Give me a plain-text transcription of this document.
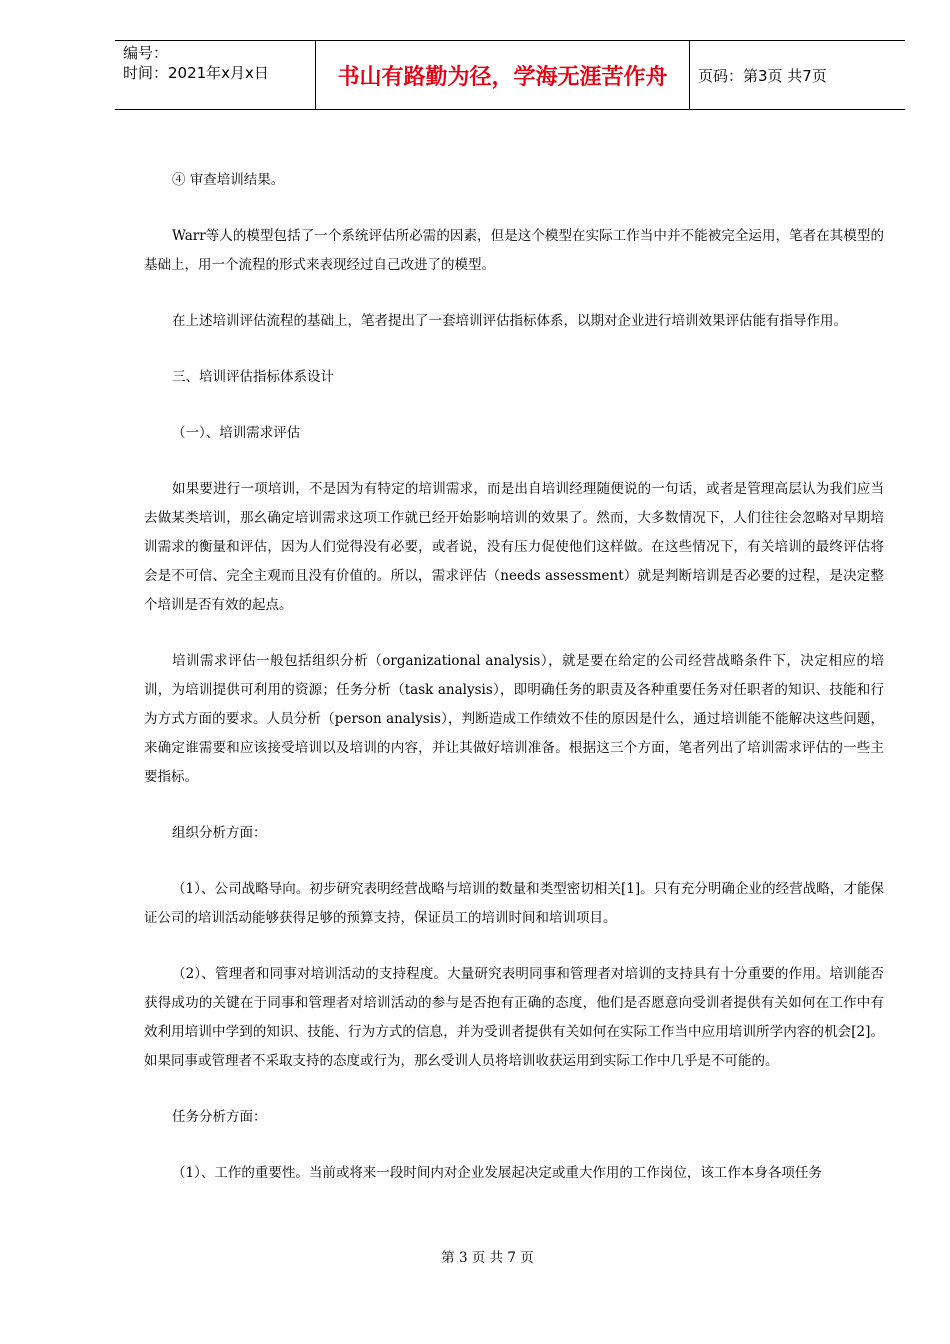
编号：
时间：2021年x月x日	书山有路勤为径，学海无涯苦作舟	页码：第3页 共7页

④ 审查培训结果。

Warr等人的模型包括了一个系统评估所必需的因素，但是这个模型在实际工作当中并不能被完全运用，笔者在其模型的基础上，用一个流程的形式来表现经过自己改进了的模型。

在上述培训评估流程的基础上，笔者提出了一套培训评估指标体系，以期对企业进行培训效果评估能有指导作用。

三、培训评估指标体系设计

（一）、培训需求评估

如果要进行一项培训，不是因为有特定的培训需求，而是出自培训经理随便说的一句话，或者是管理高层认为我们应当去做某类培训，那幺确定培训需求这项工作就已经开始影响培训的效果了。然而，大多数情况下，人们往往会忽略对早期培训需求的衡量和评估，因为人们觉得没有必要，或者说，没有压力促使他们这样做。在这些情况下，有关培训的最终评估将会是不可信、完全主观而且没有价值的。所以，需求评估（needs assessment）就是判断培训是否必要的过程，是决定整个培训是否有效的起点。

培训需求评估一般包括组织分析（organizational analysis），就是要在给定的公司经营战略条件下，决定相应的培训，为培训提供可利用的资源；任务分析（task analysis），即明确任务的职责及各种重要任务对任职者的知识、技能和行为方式方面的要求。人员分析（person analysis），判断造成工作绩效不佳的原因是什么，通过培训能不能解决这些问题，来确定谁需要和应该接受培训以及培训的内容，并让其做好培训准备。根据这三个方面，笔者列出了培训需求评估的一些主要指标。

组织分析方面：

（1）、公司战略导向。初步研究表明经营战略与培训的数量和类型密切相关[1]。只有充分明确企业的经营战略，才能保证公司的培训活动能够获得足够的预算支持，保证员工的培训时间和培训项目。

（2）、管理者和同事对培训活动的支持程度。大量研究表明同事和管理者对培训的支持具有十分重要的作用。培训能否获得成功的关键在于同事和管理者对培训活动的参与是否抱有正确的态度，他们是否愿意向受训者提供有关如何在工作中有效利用培训中学到的知识、技能、行为方式的信息，并为受训者提供有关如何在实际工作当中应用培训所学内容的机会[2]。如果同事或管理者不采取支持的态度或行为，那幺受训人员将培训收获运用到实际工作中几乎是不可能的。

任务分析方面：

（1）、工作的重要性。当前或将来一段时间内对企业发展起决定或重大作用的工作岗位，该工作本身各项任务

第 3 页 共 7 页
